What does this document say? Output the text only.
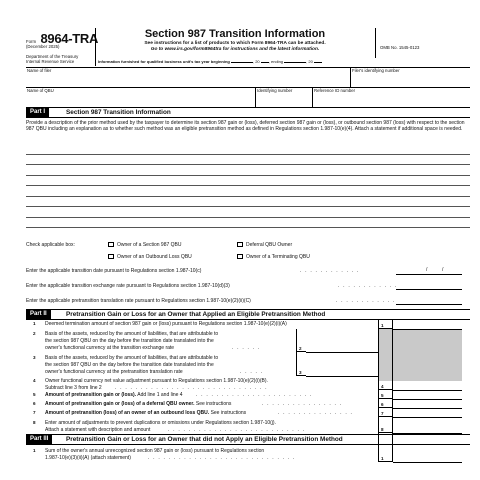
Form 8964-TRA
(December 2025)
Department of the Treasury
Internal Revenue Service
Section 987 Transition Information
See instructions for a list of products to which Form 8964-TRA can be attached.
Go to www.irs.gov/form8964tra for instructions and the latest information.	OMB No. 1545-0123
Information furnished for qualified business unit's tax year beginning	, 20 , ending	, 20
Name of filer	Filer's identifying number
Name of QBU	Identifying number	Reference ID number
Part I	Section 987 Transition Information
Provide a description of the prior method used by the taxpayer to determine its section 987 gain or (loss), deferred section 987 gain or (loss), or outbound section 987 (loss) with respect to the section 987 QBU including an explanation as to whether such method was an eligible pretransition method as defined in Regulations section 1.987-10(e)(4). Attach a statement if additional space is needed.
Check applicable box:	Owner of a Section 987 QBU	Deferral QBU Owner
Owner of an Outbound Loss QBU	Owner of a Terminating QBU
Enter the applicable transition date pursuant to Regulations section 1.987-10(c)	. . . . . . . . . . . .	/	/
Enter the applicable transition exchange rate pursuant to Regulations section 1.987-10(d)(3)	. . . . . . . . . . . .
Enter the applicable pretransition translation rate pursuant to Regulations section 1.987-10(e)(2)(ii)(C)	. . . . . . . . . . . .
Part II	Pretransition Gain or Loss for an Owner that Applied an Eligible Pretransition Method
1 Deemed termination amount of section 987 gain or (loss) pursuant to Regulations section 1.987-10(e)(2)(i)(A)	1
2 Basis of the assets, reduced by the amount of liabilities, that are attributable to
the section 987 QBU on the day before the transition date translated into the
owner's functional currency at the transition exchange rate	. . . . . .	2
3 Basis of the assets, reduced by the amount of liabilities, that are attributable to
the section 987 QBU on the day before the transition date translated into the
owner's functional currency at the pretransition translation rate	. . . . .	3
4 Owner functional currency net value adjustment pursuant to Regulations section 1.987-10(e)(2)(i)(B).
Subtract line 3 from line 2	. . . . . . . . . . . . . . . . . . . . . . . . . . . . . .	4
5 Amount of pretransition gain or (loss). Add line 1 and line 4	. . . . . . . . . . . . . . . . . . . . . . .	5
6 Amount of pretransition gain or (loss) of a deferral QBU owner. See instructions	. . . . . . . . . . . . . . . .	6
7 Amount of pretransition (loss) of an owner of an outbound loss QBU. See instructions	. . . . . . . . . . . . . . .	7
8 Enter amount of adjustments to prevent duplications or omissions under Regulations section 1.987-10(j).
Attach a statement with description and amount	. . . . . . . . . . . . . . . . . . . . . . . . . . .	8
Part III	Pretransition Gain or Loss for an Owner that did not Apply an Eligible Pretransition Method
1 Sum of the owner's annual unrecognized section 987 gain or (loss) pursuant to Regulations section
1.987-10(e)(3)(ii)(A) (attach statement)	. . . . . . . . . . . . . . . . . . . . . . . . . . . . .	1
